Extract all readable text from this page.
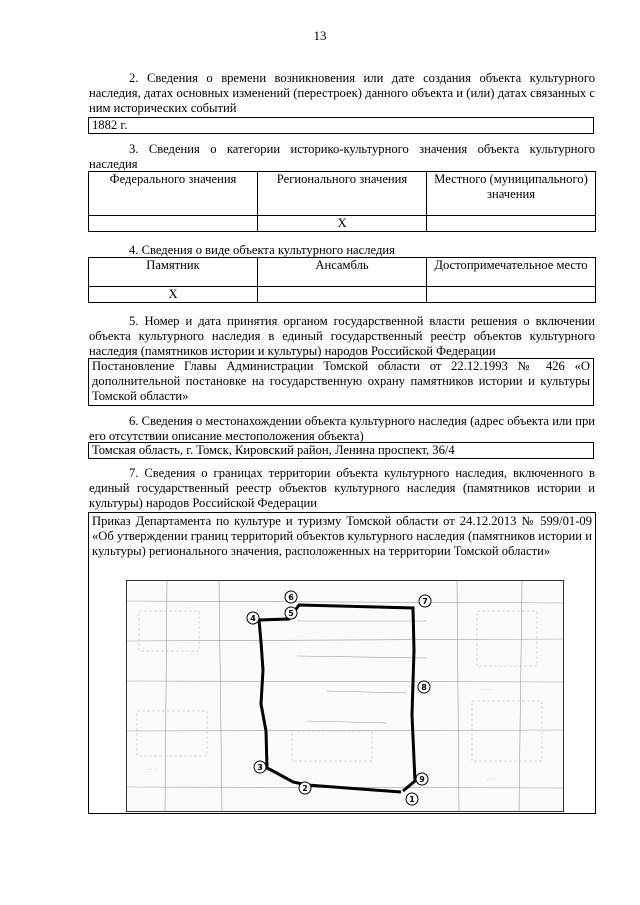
13
2. Сведения о времени возникновения или дате создания объекта культурного наследия, датах основных изменений (перестроек) данного объекта и (или) датах связанных с ним исторических событий
1882 г.
3. Сведения о категории историко-культурного значения объекта культурного наследия
Федерального значения	Регионального значения	Местного (муниципального) значения
	X	
4. Сведения о виде объекта культурного наследия
Памятник	Ансамбль	Достопримечательное место
X		
5. Номер и дата принятия органом государственной власти решения о включении объекта культурного наследия в единый государственный реестр объектов культурного наследия (памятников истории и культуры) народов Российской Федерации
Постановление Главы Администрации Томской области от 22.12.1993 № 426 «О дополнительной постановке на государственную охрану памятников истории и культуры Томской области»
6. Сведения о местонахождении объекта культурного наследия (адрес объекта или при его отсутствии описание местоположения объекта)
Томская область, г. Томск, Кировский район, Ленина проспект, 36/4
7. Сведения о границах территории объекта культурного наследия, включенного в единый государственный реестр объектов культурного наследия (памятников истории и культуры) народов Российской Федерации
Приказ Департамента по культуре и туризму Томской области от 24.12.2013 № 599/01-09 «Об утверждении границ территорий объектов культурного наследия (памятников истории и культуры) регионального значения, расположенных на территории Томской области»
- - - -
- - -
- - -
- - -
1
2
3
4
5
6	7
8
9
